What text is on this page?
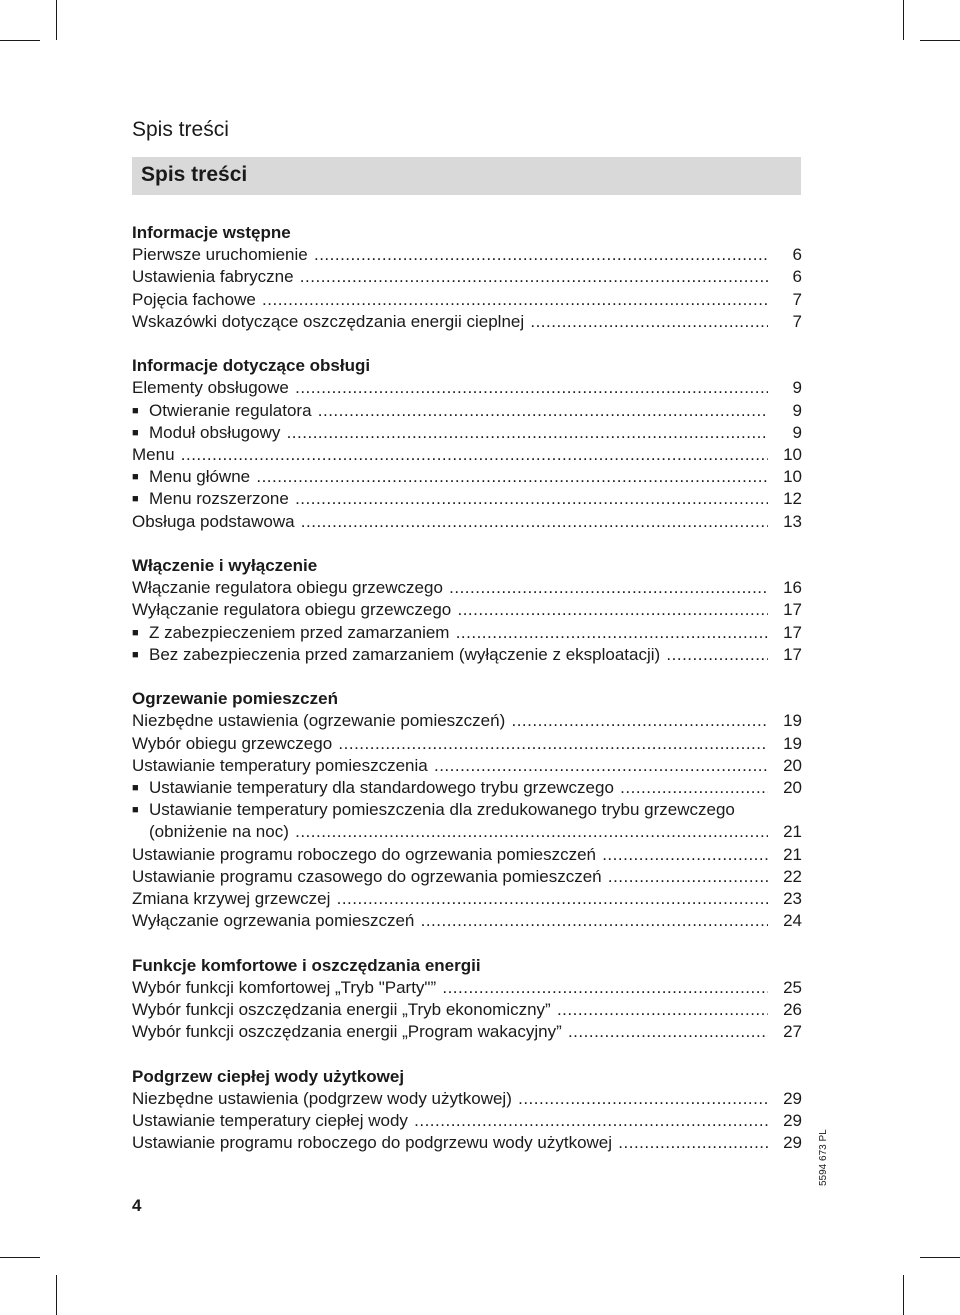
Spis treści
Spis treści
Informacje wstępne
Pierwsze uruchomienie .....	6
Ustawienia fabryczne .....	6
Pojęcia fachowe .....	7
Wskazówki dotyczące oszczędzania energii cieplnej .....	7
Informacje dotyczące obsługi
Elementy obsługowe .....	9
■ Otwieranie regulatora .....	9
■ Moduł obsługowy .....	9
Menu .....	10
■ Menu główne .....	10
■ Menu rozszerzone .....	12
Obsługa podstawowa .....	13
Włączenie i wyłączenie
Włączanie regulatora obiegu grzewczego .....	16
Wyłączanie regulatora obiegu grzewczego .....	17
■ Z zabezpieczeniem przed zamarzaniem .....	17
■ Bez zabezpieczenia przed zamarzaniem (wyłączenie z eksploatacji) .....	17
Ogrzewanie pomieszczeń
Niezbędne ustawienia (ogrzewanie pomieszczeń) .....	19
Wybór obiegu grzewczego .....	19
Ustawianie temperatury pomieszczenia .....	20
■ Ustawianie temperatury dla standardowego trybu grzewczego .....	20
■ Ustawianie temperatury pomieszczenia dla zredukowanego trybu grzewczego
(obniżenie na noc) .....	21
Ustawianie programu roboczego do ogrzewania pomieszczeń .....	21
Ustawianie programu czasowego do ogrzewania pomieszczeń .....	22
Zmiana krzywej grzewczej .....	23
Wyłączanie ogrzewania pomieszczeń .....	24
Funkcje komfortowe i oszczędzania energii
Wybór funkcji komfortowej „Tryb "Party"” .....	25
Wybór funkcji oszczędzania energii „Tryb ekonomiczny” .....	26
Wybór funkcji oszczędzania energii „Program wakacyjny” .....	27
Podgrzew ciepłej wody użytkowej
Niezbędne ustawienia (podgrzew wody użytkowej) .....	29
Ustawianie temperatury ciepłej wody .....	29
Ustawianie programu roboczego do podgrzewu wody użytkowej .....	29
4
5594 673 PL
